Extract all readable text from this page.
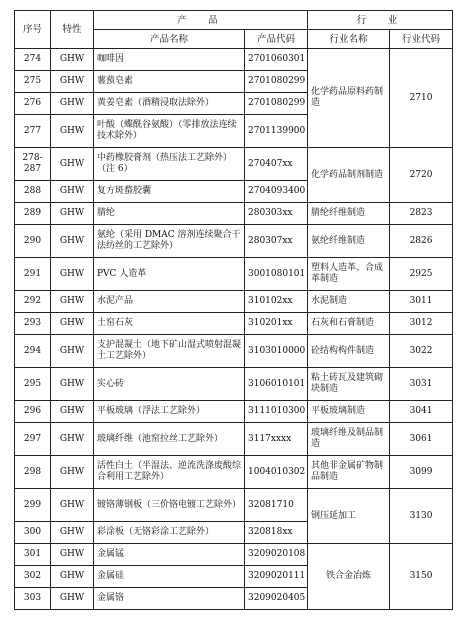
序号	特性	产　品		行　业	
		产品名称	产品代码	行业名称	行业代码
274	GHW	咖啡因	2701060301	化学药品原料药制造	2710
275	GHW	薯蓣皂素	2701080299		
276	GHW	黄姜皂素（酒精浸取法除外）	2701080299		
277	GHW	叶酸（蝶酰谷氨酸）（零排放法连续技术除外）	2701139900		
278-287	GHW	中药橡胶膏剂（热压法工艺除外）（注 6）	270407xx	化学药品制剂制造	2720
288	GHW	复方斑蝥胶囊	2704093400		
289	GHW	腈纶	280303xx	腈纶纤维制造	2823
290	GHW	氨纶（采用 DMAC 溶剂连续聚合干法纺丝的工艺除外）	280307xx	氨纶纤维制造	2826
291	GHW	PVC 人造革	3001080101	塑料人造革、合成革制造	2925
292	GHW	水泥产品	310102xx	水泥制造	3011
293	GHW	土窑石灰	310201xx	石灰和石膏制造	3012
294	GHW	支护混凝土（地下矿山湿式喷射混凝土工艺除外）	3103010000	砼结构构件制造	3022
295	GHW	实心砖	3106010101	粘土砖瓦及建筑砌块制造	3031
296	GHW	平板玻璃（浮法工艺除外）	3111010300	平板玻璃制造	3041
297	GHW	玻璃纤维（池窑拉丝工艺除外）	3117xxxx	玻璃纤维及制品制造	3061
298	GHW	活性白土（半湿法、逆流洗涤废酸综合利用工艺除外）	1004010302	其他非金属矿物制品制造	3099
299	GHW	镀铬薄钢板（三价铬电镀工艺除外）	32081710	钢压延加工	3130
300	GHW	彩涂板（无铬彩涂工艺除外）	320818xx		
301	GHW	金属锰	3209020108	铁合金冶炼	3150
302	GHW	金属硅	3209020111		
303	GHW	金属铬	3209020405		
